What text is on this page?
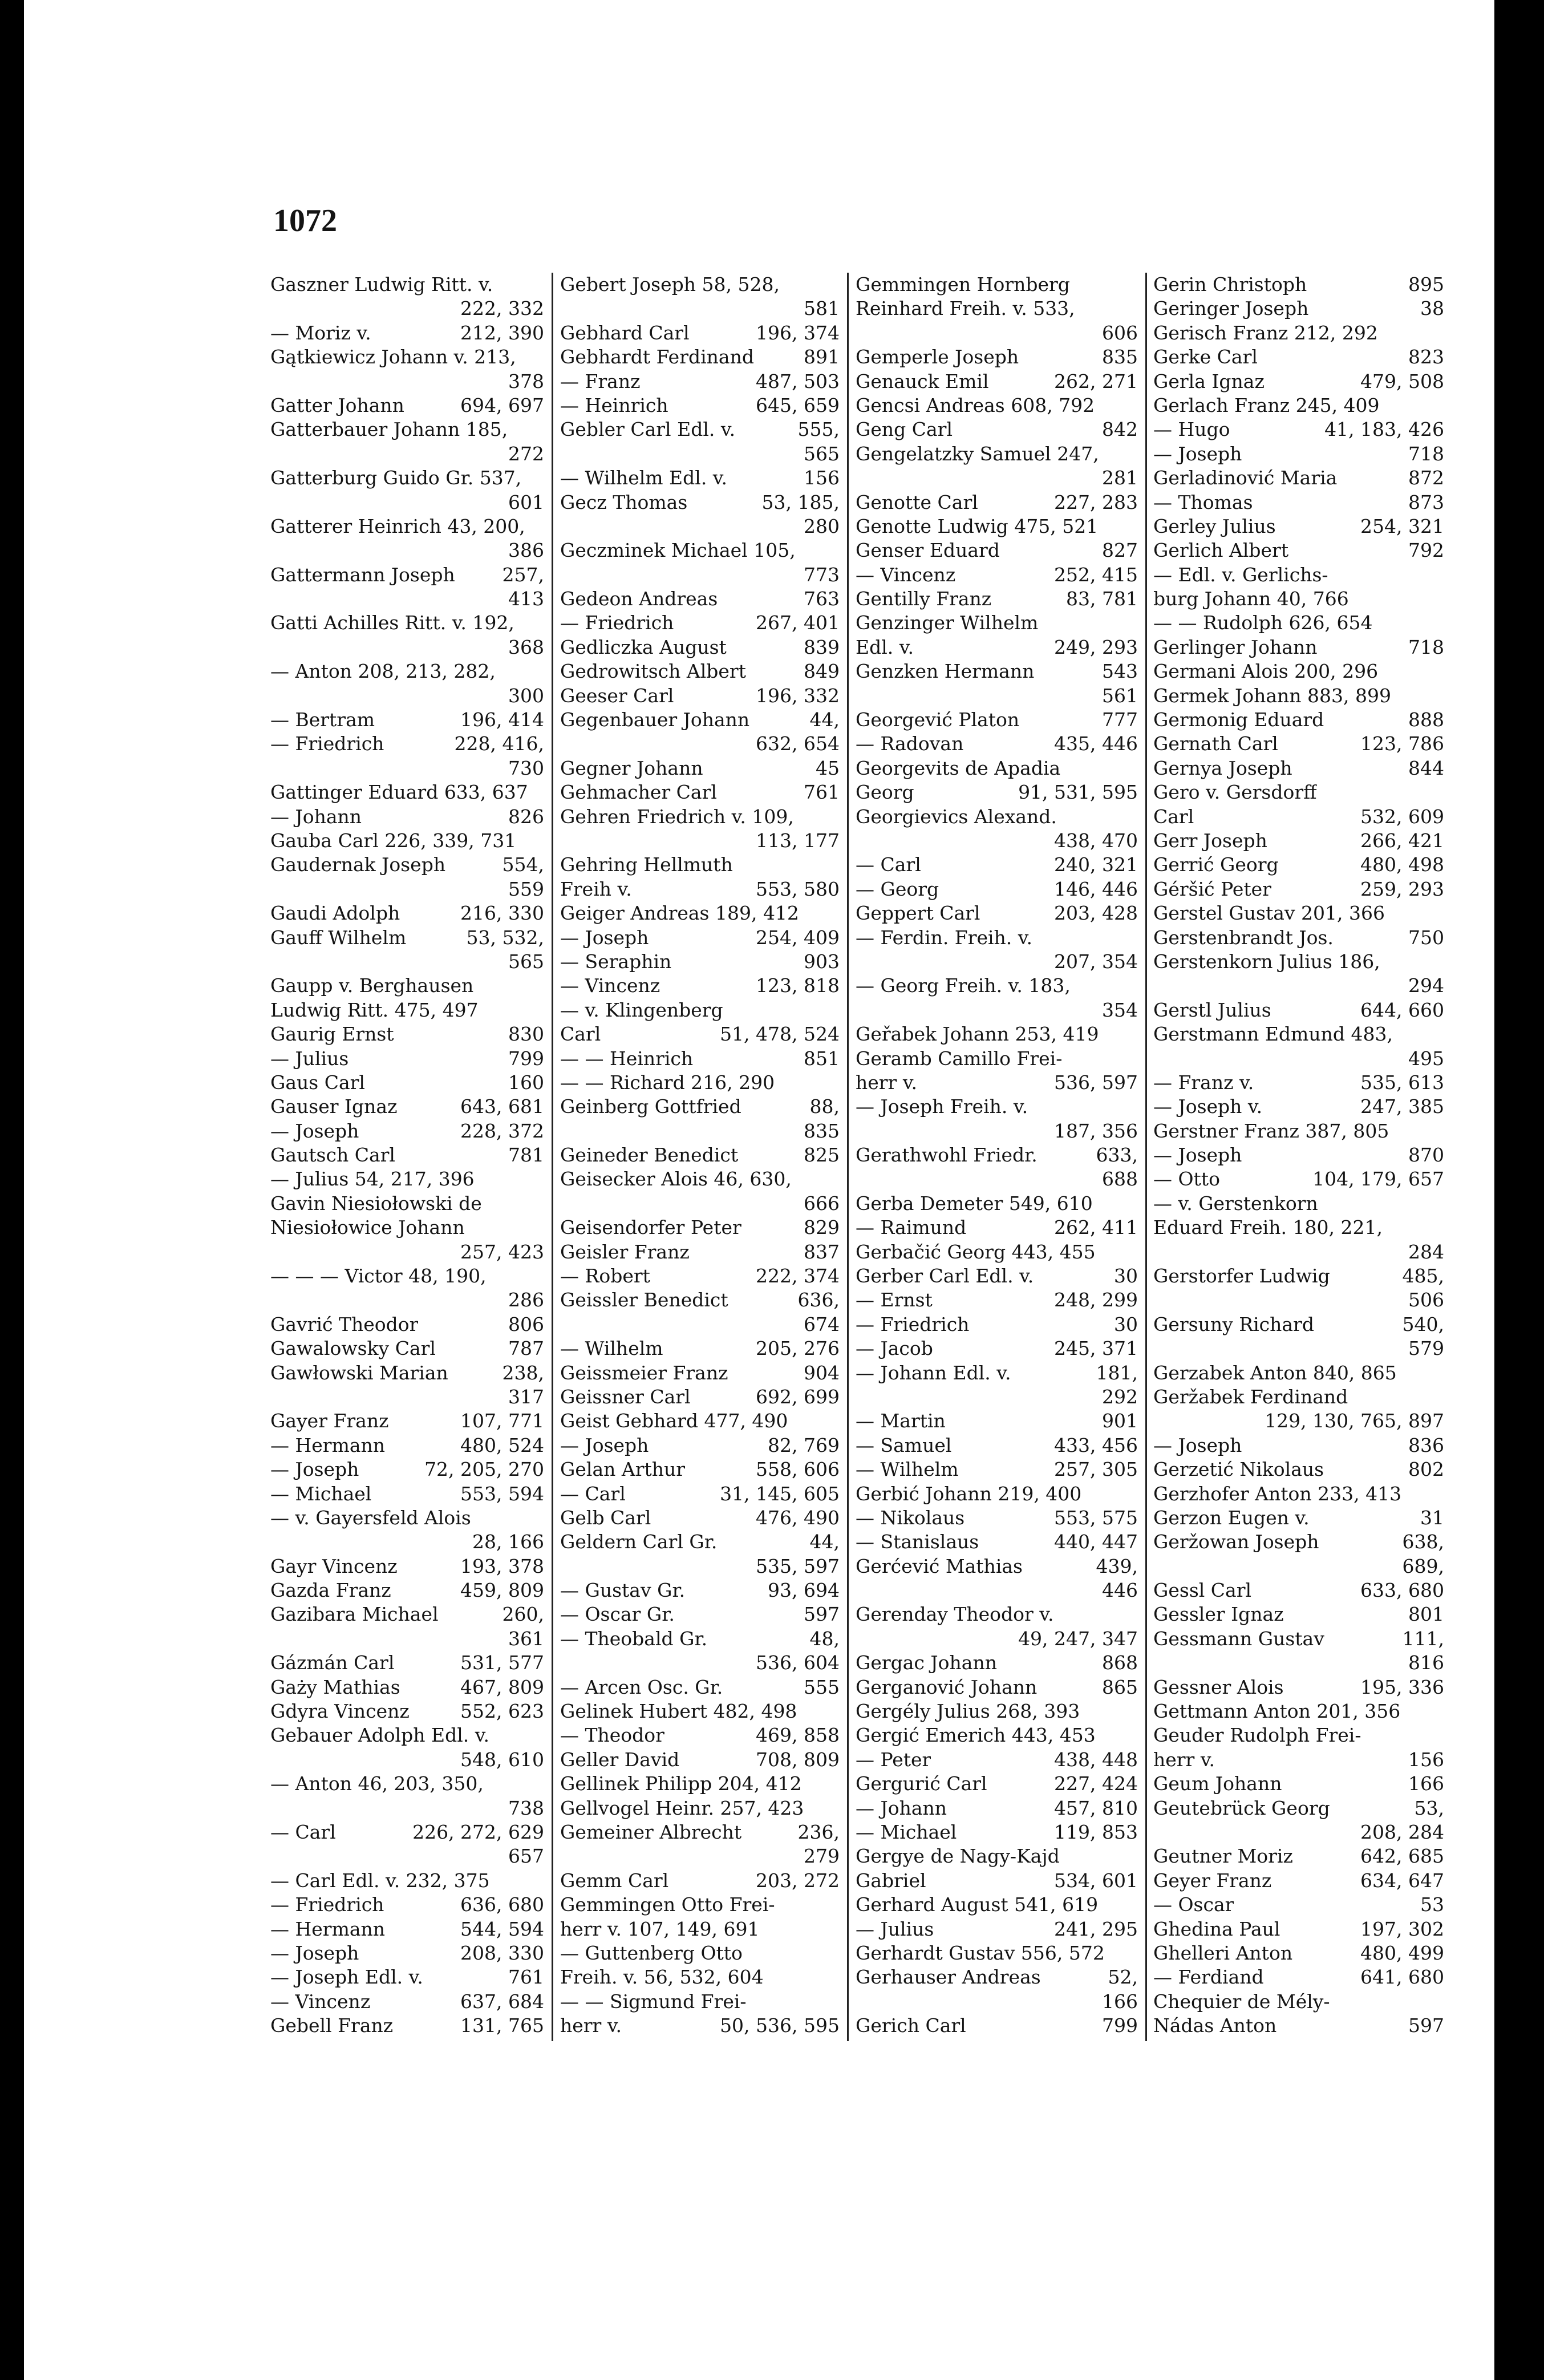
1072
Gaszner Ludwig Ritt. v.
222, 332
— Moriz v.	212, 390
Gątkiewicz Johann v. 213,
378
Gatter Johann	694, 697
Gatterbauer Johann 185,
272
Gatterburg Guido Gr. 537,
601
Gatterer Heinrich 43, 200,
386
Gattermann Joseph	257,
413
Gatti Achilles Ritt. v. 192,
368
— Anton 208, 213, 282,
300
— Bertram	196, 414
— Friedrich	228, 416,
730
Gattinger Eduard 633, 637
— Johann	826
Gauba Carl 226, 339, 731
Gaudernak Joseph	554,
559
Gaudi Adolph	216, 330
Gauff Wilhelm	53, 532,
565
Gaupp v. Berghausen
Ludwig Ritt. 475, 497
Gaurig Ernst	830
— Julius	799
Gaus Carl	160
Gauser Ignaz	643, 681
— Joseph	228, 372
Gautsch Carl	781
— Julius 54, 217, 396
Gavin Niesiołowski de
Niesiołowice Johann
257, 423
— — — Victor 48, 190,
286
Gavrić Theodor	806
Gawalowsky Carl	787
Gawłowski Marian	238,
317
Gayer Franz	107, 771
— Hermann	480, 524
— Joseph	72, 205, 270
— Michael	553, 594
— v. Gayersfeld Alois
28, 166
Gayr Vincenz	193, 378
Gazda Franz	459, 809
Gazibara Michael	260,
361
Gázmán Carl	531, 577
Gaży Mathias	467, 809
Gdyra Vincenz	552, 623
Gebauer Adolph Edl. v.
548, 610
— Anton 46, 203, 350,
738
— Carl	226, 272, 629
657
— Carl Edl. v. 232, 375
— Friedrich	636, 680
— Hermann	544, 594
— Joseph	208, 330
— Joseph Edl. v.	761
— Vincenz	637, 684
Gebell Franz	131, 765
Gebert Joseph 58, 528,
581
Gebhard Carl	196, 374
Gebhardt Ferdinand	891
— Franz	487, 503
— Heinrich	645, 659
Gebler Carl Edl. v.	555,
565
— Wilhelm Edl. v.	156
Gecz Thomas	53, 185,
280
Geczminek Michael 105,
773
Gedeon Andreas	763
— Friedrich	267, 401
Gedliczka August	839
Gedrowitsch Albert	849
Geeser Carl	196, 332
Gegenbauer Johann	44,
632, 654
Gegner Johann	45
Gehmacher Carl	761
Gehren Friedrich v. 109,
113, 177
Gehring Hellmuth
Freih v.	553, 580
Geiger Andreas 189, 412
— Joseph	254, 409
— Seraphin	903
— Vincenz	123, 818
— v. Klingenberg
Carl	51, 478, 524
— — Heinrich	851
— — Richard 216, 290
Geinberg Gottfried	88,
835
Geineder Benedict	825
Geisecker Alois 46, 630,
666
Geisendorfer Peter	829
Geisler Franz	837
— Robert	222, 374
Geissler Benedict	636,
674
— Wilhelm	205, 276
Geissmeier Franz	904
Geissner Carl	692, 699
Geist Gebhard 477, 490
— Joseph	82, 769
Gelan Arthur	558, 606
— Carl	31, 145, 605
Gelb Carl	476, 490
Geldern Carl Gr.	44,
535, 597
— Gustav Gr.	93, 694
— Oscar Gr.	597
— Theobald Gr.	48,
536, 604
— Arcen Osc. Gr.	555
Gelinek Hubert 482, 498
— Theodor	469, 858
Geller David	708, 809
Gellinek Philipp 204, 412
Gellvogel Heinr. 257, 423
Gemeiner Albrecht	236,
279
Gemm Carl	203, 272
Gemmingen Otto Frei-
herr v. 107, 149, 691
— Guttenberg Otto
Freih. v. 56, 532, 604
— — Sigmund Frei-
herr v.	50, 536, 595
Gemmingen Hornberg
Reinhard Freih. v. 533,
606
Gemperle Joseph	835
Genauck Emil	262, 271
Gencsi Andreas 608, 792
Geng Carl	842
Gengelatzky Samuel 247,
281
Genotte Carl	227, 283
Genotte Ludwig 475, 521
Genser Eduard	827
— Vincenz	252, 415
Gentilly Franz	83, 781
Genzinger Wilhelm
Edl. v.	249, 293
Genzken Hermann	543
561
Georgević Platon	777
— Radovan	435, 446
Georgevits de Apadia
Georg	91, 531, 595
Georgievics Alexand.
438, 470
— Carl	240, 321
— Georg	146, 446
Geppert Carl	203, 428
— Ferdin. Freih. v.
207, 354
— Georg Freih. v. 183,
354
Geřabek Johann 253, 419
Geramb Camillo Frei-
herr v.	536, 597
— Joseph Freih. v.
187, 356
Gerathwohl Friedr.	633,
688
Gerba Demeter 549, 610
— Raimund	262, 411
Gerbačić Georg 443, 455
Gerber Carl Edl. v.	30
— Ernst	248, 299
— Friedrich	30
— Jacob	245, 371
— Johann Edl. v.	181,
292
— Martin	901
— Samuel	433, 456
— Wilhelm	257, 305
Gerbić Johann 219, 400
— Nikolaus	553, 575
— Stanislaus	440, 447
Gerćević Mathias	439,
446
Gerenday Theodor v.
49, 247, 347
Gergac Johann	868
Gerganović Johann	865
Gergély Julius 268, 393
Gergić Emerich 443, 453
— Peter	438, 448
Gergurić Carl	227, 424
— Johann	457, 810
— Michael	119, 853
Gergye de Nagy-Kajd
Gabriel	534, 601
Gerhard August 541, 619
— Julius	241, 295
Gerhardt Gustav 556, 572
Gerhauser Andreas	52,
166
Gerich Carl	799
Gerin Christoph	895
Geringer Joseph	38
Gerisch Franz 212, 292
Gerke Carl	823
Gerla Ignaz	479, 508
Gerlach Franz 245, 409
— Hugo	41, 183, 426
— Joseph	718
Gerladinović Maria	872
— Thomas	873
Gerley Julius	254, 321
Gerlich Albert	792
— Edl. v. Gerlichs-
burg Johann 40, 766
— — Rudolph 626, 654
Gerlinger Johann	718
Germani Alois 200, 296
Germek Johann 883, 899
Germonig Eduard	888
Gernath Carl	123, 786
Gernya Joseph	844
Gero v. Gersdorff
Carl	532, 609
Gerr Joseph	266, 421
Gerrić Georg	480, 498
Géršić Peter	259, 293
Gerstel Gustav 201, 366
Gerstenbrandt Jos.	750
Gerstenkorn Julius 186,
294
Gerstl Julius	644, 660
Gerstmann Edmund 483,
495
— Franz v.	535, 613
— Joseph v.	247, 385
Gerstner Franz 387, 805
— Joseph	870
— Otto	104, 179, 657
— v. Gerstenkorn
Eduard Freih. 180, 221,
284
Gerstorfer Ludwig	485,
506
Gersuny Richard	540,
579
Gerzabek Anton 840, 865
Geržabek Ferdinand
129, 130, 765, 897
— Joseph	836
Gerzetić Nikolaus	802
Gerzhofer Anton 233, 413
Gerzon Eugen v.	31
Geržowan Joseph	638,
689,
Gessl Carl	633, 680
Gessler Ignaz	801
Gessmann Gustav	111,
816
Gessner Alois	195, 336
Gettmann Anton 201, 356
Geuder Rudolph Frei-
herr v.	156
Geum Johann	166
Geutebrück Georg	53,
208, 284
Geutner Moriz	642, 685
Geyer Franz	634, 647
— Oscar	53
Ghedina Paul	197, 302
Ghelleri Anton	480, 499
— Ferdiand	641, 680
Chequier de Mély-
Nádas Anton	597
